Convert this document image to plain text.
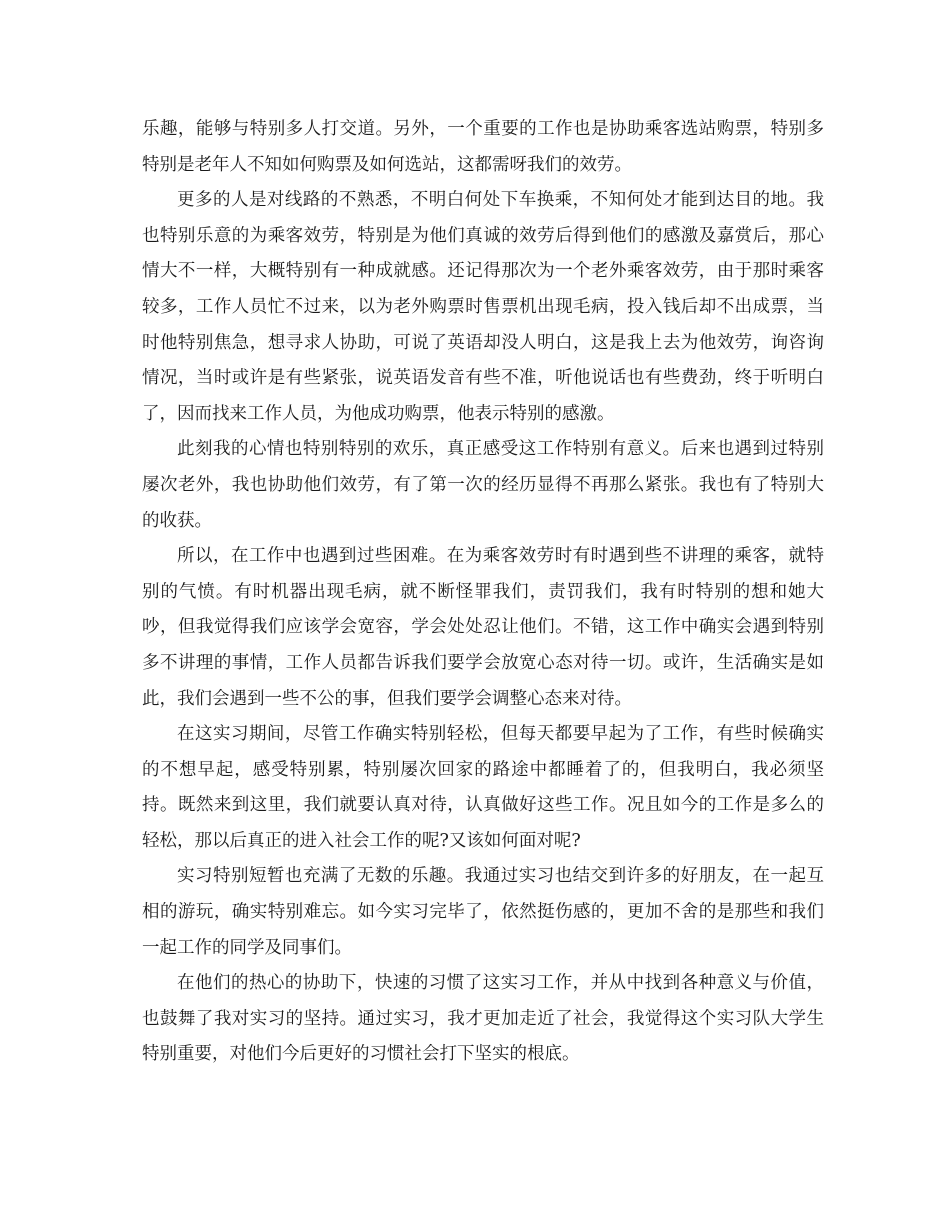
乐趣，能够与特别多人打交道。另外，一个重要的工作也是协助乘客选站购票，特别多特别是老年人不知如何购票及如何选站，这都需呀我们的效劳。

更多的人是对线路的不熟悉，不明白何处下车换乘，不知何处才能到达目的地。我也特别乐意的为乘客效劳，特别是为他们真诚的效劳后得到他们的感激及嘉赏后，那心情大不一样，大概特别有一种成就感。还记得那次为一个老外乘客效劳，由于那时乘客较多，工作人员忙不过来，以为老外购票时售票机出现毛病，投入钱后却不出成票，当时他特别焦急，想寻求人协助，可说了英语却没人明白，这是我上去为他效劳，询咨询情况，当时或许是有些紧张，说英语发音有些不准，听他说话也有些费劲，终于听明白了，因而找来工作人员，为他成功购票，他表示特别的感激。

此刻我的心情也特别特别的欢乐，真正感受这工作特别有意义。后来也遇到过特别屡次老外，我也协助他们效劳，有了第一次的经历显得不再那么紧张。我也有了特别大的收获。

所以，在工作中也遇到过些困难。在为乘客效劳时有时遇到些不讲理的乘客，就特别的气愤。有时机器出现毛病，就不断怪罪我们，责罚我们，我有时特别的想和她大吵，但我觉得我们应该学会宽容，学会处处忍让他们。不错，这工作中确实会遇到特别多不讲理的事情，工作人员都告诉我们要学会放宽心态对待一切。或许，生活确实是如此，我们会遇到一些不公的事，但我们要学会调整心态来对待。

在这实习期间，尽管工作确实特别轻松，但每天都要早起为了工作，有些时候确实的不想早起，感受特别累，特别屡次回家的路途中都睡着了的，但我明白，我必须坚持。既然来到这里，我们就要认真对待，认真做好这些工作。况且如今的工作是多么的轻松，那以后真正的进入社会工作的呢?又该如何面对呢?

实习特别短暂也充满了无数的乐趣。我通过实习也结交到许多的好朋友，在一起互相的游玩，确实特别难忘。如今实习完毕了，依然挺伤感的，更加不舍的是那些和我们一起工作的同学及同事们。

在他们的热心的协助下，快速的习惯了这实习工作，并从中找到各种意义与价值，也鼓舞了我对实习的坚持。通过实习，我才更加走近了社会，我觉得这个实习队大学生特别重要，对他们今后更好的习惯社会打下坚实的根底。
